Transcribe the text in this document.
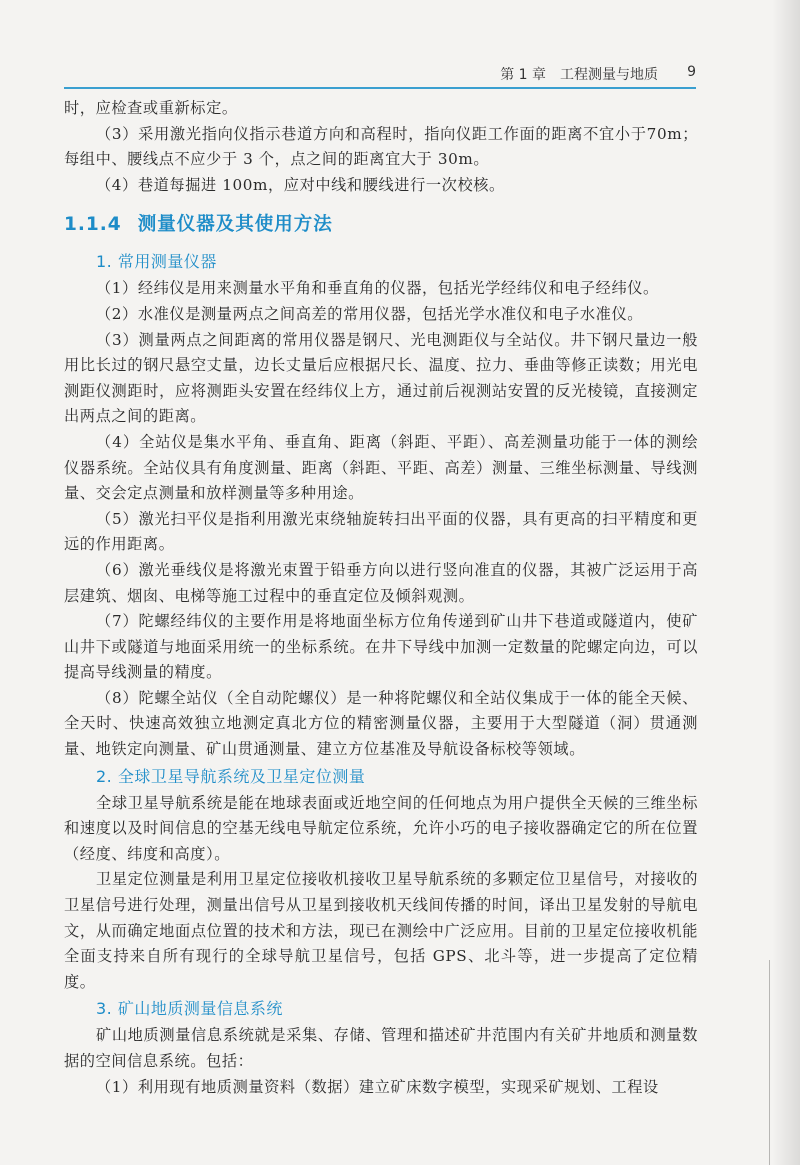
第 1 章　工程测量与地质 9

时，应检查或重新标定。

（3）采用激光指向仪指示巷道方向和高程时，指向仪距工作面的距离不宜小于70m；每组中、腰线点不应少于 3 个，点之间的距离宜大于 30m。

（4）巷道每掘进 100m，应对中线和腰线进行一次校核。

1.1.4 测量仪器及其使用方法

1. 常用测量仪器

（1）经纬仪是用来测量水平角和垂直角的仪器，包括光学经纬仪和电子经纬仪。

（2）水准仪是测量两点之间高差的常用仪器，包括光学水准仪和电子水准仪。

（3）测量两点之间距离的常用仪器是钢尺、光电测距仪与全站仪。井下钢尺量边一般用比长过的钢尺悬空丈量，边长丈量后应根据尺长、温度、拉力、垂曲等修正读数；用光电测距仪测距时，应将测距头安置在经纬仪上方，通过前后视测站安置的反光棱镜，直接测定出两点之间的距离。

（4）全站仪是集水平角、垂直角、距离（斜距、平距）、高差测量功能于一体的测绘仪器系统。全站仪具有角度测量、距离（斜距、平距、高差）测量、三维坐标测量、导线测量、交会定点测量和放样测量等多种用途。

（5）激光扫平仪是指利用激光束绕轴旋转扫出平面的仪器，具有更高的扫平精度和更远的作用距离。

（6）激光垂线仪是将激光束置于铅垂方向以进行竖向准直的仪器，其被广泛运用于高层建筑、烟囱、电梯等施工过程中的垂直定位及倾斜观测。

（7）陀螺经纬仪的主要作用是将地面坐标方位角传递到矿山井下巷道或隧道内，使矿山井下或隧道与地面采用统一的坐标系统。在井下导线中加测一定数量的陀螺定向边，可以提高导线测量的精度。

（8）陀螺全站仪（全自动陀螺仪）是一种将陀螺仪和全站仪集成于一体的能全天候、全天时、快速高效独立地测定真北方位的精密测量仪器，主要用于大型隧道（洞）贯通测量、地铁定向测量、矿山贯通测量、建立方位基准及导航设备标校等领域。

2. 全球卫星导航系统及卫星定位测量

全球卫星导航系统是能在地球表面或近地空间的任何地点为用户提供全天候的三维坐标和速度以及时间信息的空基无线电导航定位系统，允许小巧的电子接收器确定它的所在位置（经度、纬度和高度）。

卫星定位测量是利用卫星定位接收机接收卫星导航系统的多颗定位卫星信号，对接收的卫星信号进行处理，测量出信号从卫星到接收机天线间传播的时间，译出卫星发射的导航电文，从而确定地面点位置的技术和方法，现已在测绘中广泛应用。目前的卫星定位接收机能全面支持来自所有现行的全球导航卫星信号，包括 GPS、北斗等，进一步提高了定位精度。

3. 矿山地质测量信息系统

矿山地质测量信息系统就是采集、存储、管理和描述矿井范围内有关矿井地质和测量数据的空间信息系统。包括：

（1）利用现有地质测量资料（数据）建立矿床数字模型，实现采矿规划、工程设
